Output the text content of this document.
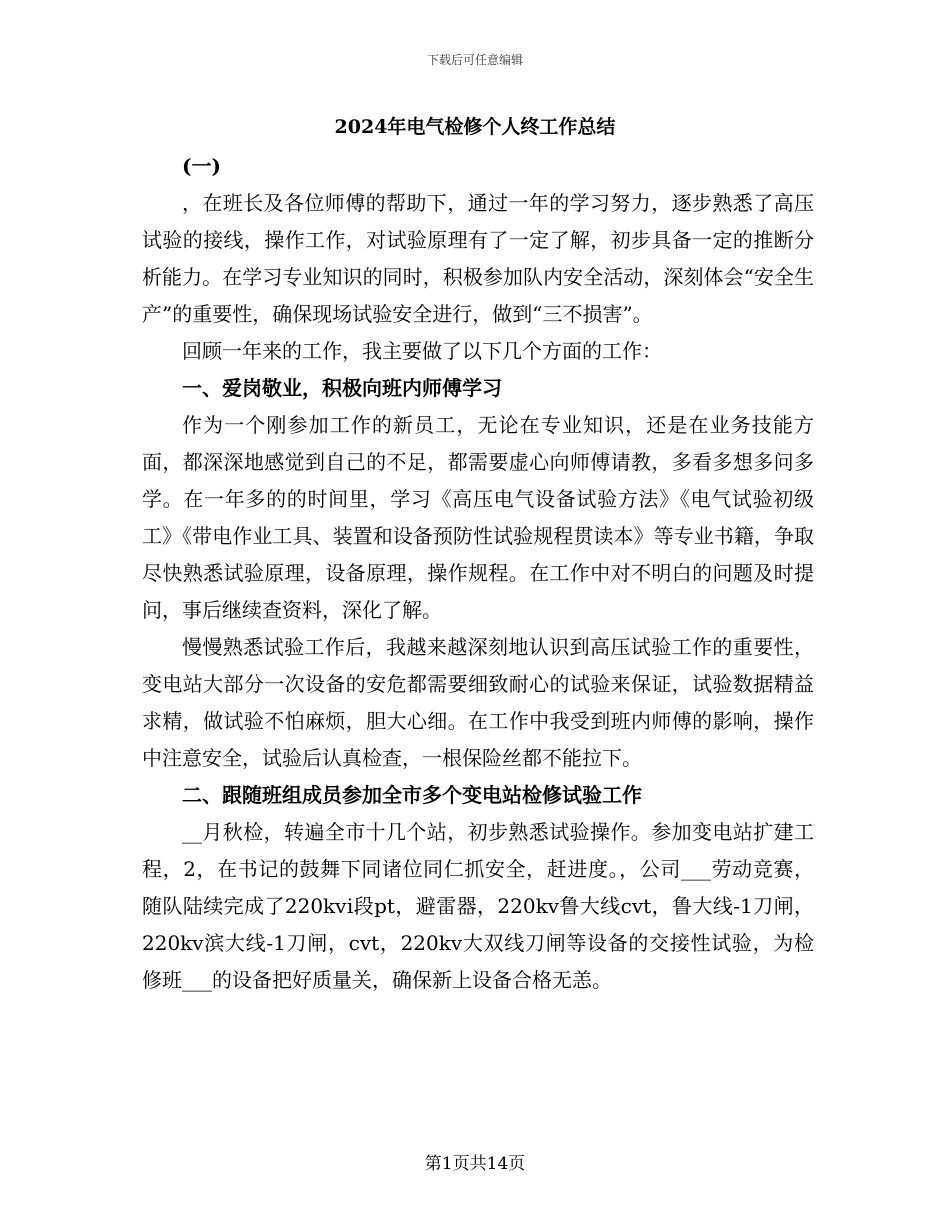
下载后可任意编辑
2024年电气检修个人终工作总结

(一)

，在班长及各位师傅的帮助下，通过一年的学习努力，逐步熟悉了高压试验的接线，操作工作，对试验原理有了一定了解，初步具备一定的推断分析能力。在学习专业知识的同时，积极参加队内安全活动，深刻体会“安全生产”的重要性，确保现场试验安全进行，做到“三不损害”。

回顾一年来的工作，我主要做了以下几个方面的工作：

一、爱岗敬业，积极向班内师傅学习

作为一个刚参加工作的新员工，无论在专业知识，还是在业务技能方面，都深深地感觉到自己的不足，都需要虚心向师傅请教，多看多想多问多学。在一年多的的时间里，学习《高压电气设备试验方法》《电气试验初级工》《带电作业工具、装置和设备预防性试验规程贯读本》等专业书籍，争取尽快熟悉试验原理，设备原理，操作规程。在工作中对不明白的问题及时提问，事后继续查资料，深化了解。

慢慢熟悉试验工作后，我越来越深刻地认识到高压试验工作的重要性，变电站大部分一次设备的安危都需要细致耐心的试验来保证，试验数据精益求精，做试验不怕麻烦，胆大心细。在工作中我受到班内师傅的影响，操作中注意安全，试验后认真检查，一根保险丝都不能拉下。

二、跟随班组成员参加全市多个变电站检修试验工作

__月秋检，转遍全市十几个站，初步熟悉试验操作。参加变电站扩建工程，2，在书记的鼓舞下同诸位同仁抓安全，赶进度。，公司___劳动竞赛，随队陆续完成了220kvⅰ段pt，避雷器，220kv鲁大线cvt，鲁大线-1刀闸，220kv滨大线-1刀闸，cvt，220kv大双线刀闸等设备的交接性试验，为检修班___的设备把好质量关，确保新上设备合格无恙。

第1页共14页
